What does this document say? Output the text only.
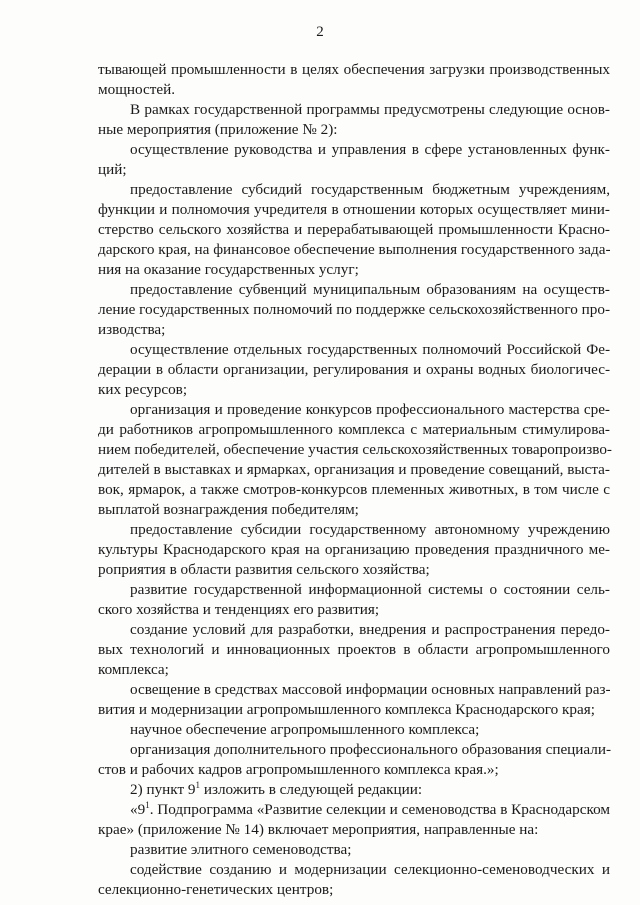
2
тывающей промышленности в целях обеспечения загрузки производственных
мощностей.
В рамках государственной программы предусмотрены следующие основ-
ные мероприятия (приложение № 2):
осуществление руководства и управления в сфере установленных функ-
ций;
предоставление субсидий государственным бюджетным учреждениям,
функции и полномочия учредителя в отношении которых осуществляет мини-
стерство сельского хозяйства и перерабатывающей промышленности Красно-
дарского края, на финансовое обеспечение выполнения государственного зада-
ния на оказание государственных услуг;
предоставление субвенций муниципальным образованиям на осуществ-
ление государственных полномочий по поддержке сельскохозяйственного про-
изводства;
осуществление отдельных государственных полномочий Российской Фе-
дерации в области организации, регулирования и охраны водных биологичес-
ких ресурсов;
организация и проведение конкурсов профессионального мастерства сре-
ди работников агропромышленного комплекса с материальным стимулирова-
нием победителей, обеспечение участия сельскохозяйственных товаропроизво-
дителей в выставках и ярмарках, организация и проведение совещаний, выста-
вок, ярмарок, а также смотров-конкурсов племенных животных, в том числе с
выплатой вознаграждения победителям;
предоставление субсидии государственному автономному учреждению
культуры Краснодарского края на организацию проведения праздничного ме-
роприятия в области развития сельского хозяйства;
развитие государственной информационной системы о состоянии сель-
ского хозяйства и тенденциях его развития;
создание условий для разработки, внедрения и распространения передо-
вых технологий и инновационных проектов в области агропромышленного
комплекса;
освещение в средствах массовой информации основных направлений раз-
вития и модернизации агропромышленного комплекса Краснодарского края;
научное обеспечение агропромышленного комплекса;
организация дополнительного профессионального образования специали-
стов и рабочих кадров агропромышленного комплекса края.»;
2) пункт $9^1$ изложить в следующей редакции:
«$9^1$. Подпрограмма «Развитие селекции и семеноводства в Краснодарском
крае» (приложение № 14) включает мероприятия, направленные на:
развитие элитного семеноводства;
содействие созданию и модернизации селекционно-семеноводческих и
селекционно-генетических центров;
